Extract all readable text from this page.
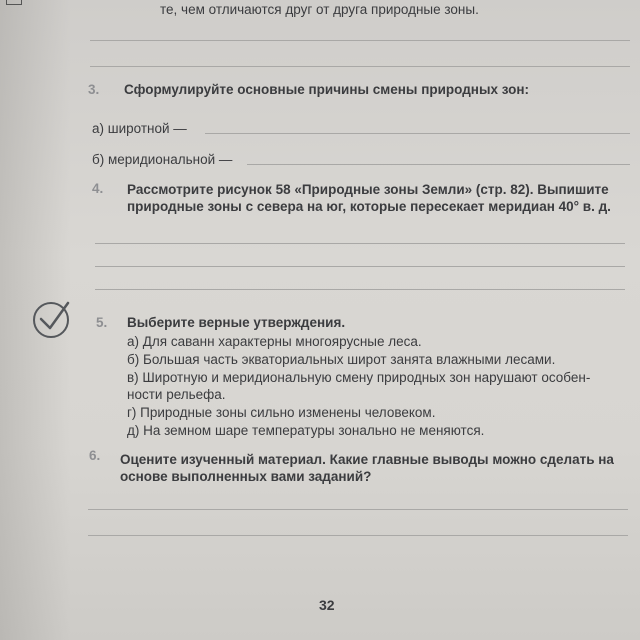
те, чем отличаются друг от друга природные зоны.
3. Сформулируйте основные причины смены природных зон:
а) широтной —
б) меридиональной —
4. Рассмотрите рисунок 58 «Природные зоны Земли» (стр. 82). Выпишите
природные зоны с севера на юг, которые пересекает меридиан 40° в. д.
5. Выберите верные утверждения.
а) Для саванн характерны многоярусные леса.
б) Большая часть экваториальных широт занята влажными лесами.
в) Широтную и меридиональную смену природных зон нарушают особен-
ности рельефа.
г) Природные зоны сильно изменены человеком.
д) На земном шаре температуры зонально не меняются.
6. Оцените изученный материал. Какие главные выводы можно сделать на
основе выполненных вами заданий?
32
